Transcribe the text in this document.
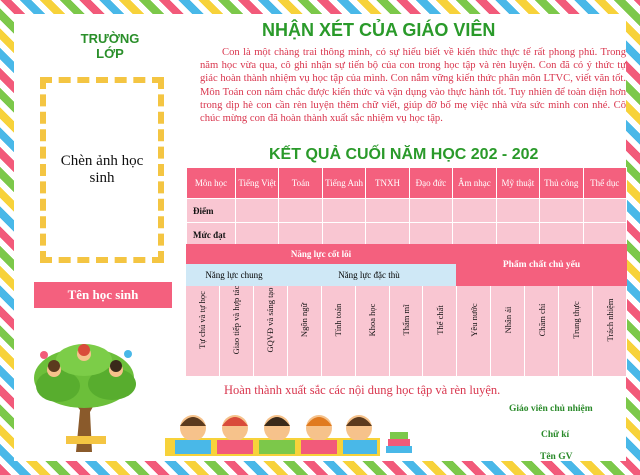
TRƯỜNG
LỚP
Chèn ảnh học sinh
Tên học sinh
NHẬN XÉT CỦA GIÁO VIÊN
Con là một chàng trai thông minh, có sự hiểu biết về kiến thức thực tế rất phong phú. Trong năm học vừa qua, cô ghi nhận sự tiến bộ của con trong học tập và rèn luyện. Con đã có ý thức tự giác hoàn thành nhiệm vụ học tập của mình. Con nắm vững kiến thức phân môn LTVC, viết văn tốt. Môn Toán con nắm chắc được kiến thức và vận dụng vào thực hành tốt. Tuy nhiên để toàn diện hơn trong dịp hè con cần rèn luyện thêm chữ viết, giúp đỡ bố mẹ việc nhà vừa sức mình con nhé. Cô chúc mừng con đã hoàn thành xuất sắc nhiệm vụ học tập.
KẾT QUẢ CUỐI NĂM HỌC 202 - 202
Môn học	Tiếng Việt	Toán	Tiếng Anh	TNXH	Đạo đức	Âm nhạc	Mỹ thuật	Thủ công	Thể dục
Điểm									
Mức đạt									
Năng lực cốt lõi
Phẩm chất chủ yếu
Năng lực chung	Năng lực đặc thù
Tự chủ và tự học	Giao tiếp và hợp tác	GQVĐ và sáng tạo	Ngôn ngữ	Tính toán	Khoa học	Thẩm mĩ	Thể chất	Yêu nước	Nhân ái	Chăm chỉ	Trung thực	Trách nhiệm
Hoàn thành xuất sắc các nội dung học tập và rèn luyện.
Giáo viên chủ nhiệm
Chữ kí
Tên GV
